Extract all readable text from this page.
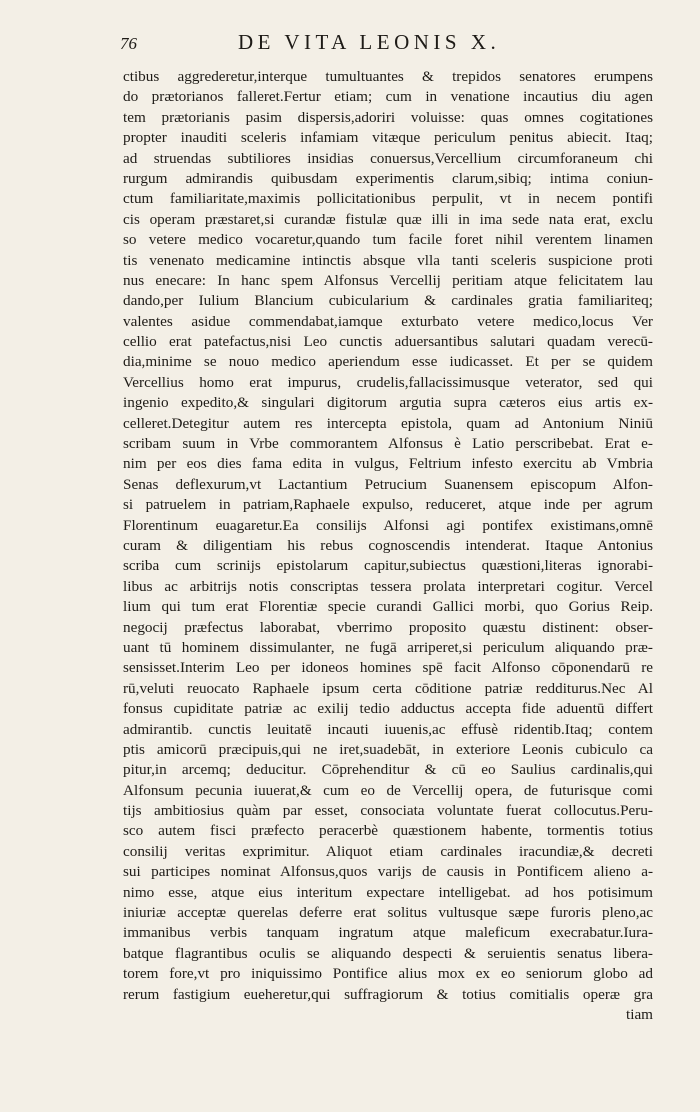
76	DE VITA LEONIS X.
ctibus aggrederetur,interque tumultuantes & trepidos senatores erumpens
do prætorianos falleret.Fertur etiam; cum in venatione incautius diu agen
tem prætorianis pasim dispersis,adoriri voluisse: quas omnes cogitationes
propter inauditi sceleris infamiam vitæque periculum penitus abiecit. Itaq;
ad struendas subtiliores insidias conuersus,Vercellium circumforaneum chi
rurgum admirandis quibusdam experimentis clarum,sibiq; intima coniun-
ctum familiaritate,maximis pollicitationibus perpulit, vt in necem pontifi
cis operam præstaret,si curandæ fistulæ quæ illi in ima sede nata erat, exclu
so vetere medico vocaretur,quando tum facile foret nihil verentem linamen
tis venenato medicamine intinctis absque vlla tanti sceleris suspicione proti
nus enecare: In hanc spem Alfonsus Vercellij peritiam atque felicitatem lau
dando,per Iulium Blancium cubicularium & cardinales gratia familiariteq;
valentes asidue commendabat,iamque exturbato vetere medico,locus Ver
cellio erat patefactus,nisi Leo cunctis aduersantibus salutari quadam verecū-
dia,minime se nouo medico aperiendum esse iudicasset. Et per se quidem
Vercellius homo erat impurus, crudelis,fallacissimusque veterator, sed qui
ingenio expedito,& singulari digitorum argutia supra cæteros eius artis ex-
celleret.Detegitur autem res intercepta epistola, quam ad Antonium Niniū
scribam suum in Vrbe commorantem Alfonsus è Latio perscribebat. Erat e-
nim per eos dies fama edita in vulgus, Feltrium infesto exercitu ab Vmbria
Senas deflexurum,vt Lactantium Petrucium Suanensem episcopum Alfon-
si patruelem in patriam,Raphaele expulso, reduceret, atque inde per agrum
Florentinum euagaretur.Ea consilijs Alfonsi agi pontifex existimans,omnē
curam & diligentiam his rebus cognoscendis intenderat. Itaque Antonius
scriba cum scrinijs epistolarum capitur,subiectus quæstioni,literas ignorabi-
libus ac arbitrijs notis conscriptas tessera prolata interpretari cogitur. Vercel
lium qui tum erat Florentiæ specie curandi Gallici morbi, quo Gorius Reip.
negocij præfectus laborabat, vberrimo proposito quæstu distinent: obser-
uant tū hominem dissimulanter, ne fugā arriperet,si periculum aliquando præ-
sensisset.Interim Leo per idoneos homines spē facit Alfonso cōponendarū re
rū,veluti reuocato Raphaele ipsum certa cōditione patriæ redditurus.Nec Al
fonsus cupiditate patriæ ac exilij tedio adductus accepta fide aduentū differt
admirantib. cunctis leuitatē incauti iuuenis,ac effusè ridentib.Itaq; contem
ptis amicorū præcipuis,qui ne iret,suadebāt, in exteriore Leonis cubiculo ca
pitur,in arcemq; deducitur. Cōprehenditur & cū eo Saulius cardinalis,qui
Alfonsum pecunia iuuerat,& cum eo de Vercellij opera, de futurisque comi
tijs ambitiosius quàm par esset, consociata voluntate fuerat collocutus.Peru-
sco autem fisci præfecto peracerbè quæstionem habente, tormentis totius
consilij veritas exprimitur. Aliquot etiam cardinales iracundiæ,& decreti
sui participes nominat Alfonsus,quos varijs de causis in Pontificem alieno a-
nimo esse, atque eius interitum expectare intelligebat. ad hos potisimum
iniuriæ acceptæ querelas deferre erat solitus vultusque sæpe furoris pleno,ac
immanibus verbis tanquam ingratum atque maleficum execrabatur.Iura-
batque flagrantibus oculis se aliquando despecti & seruientis senatus libera-
torem fore,vt pro iniquissimo Pontifice alius mox ex eo seniorum globo ad
rerum fastigium eueheretur,qui suffragiorum & totius comitialis operæ gra
tiam
